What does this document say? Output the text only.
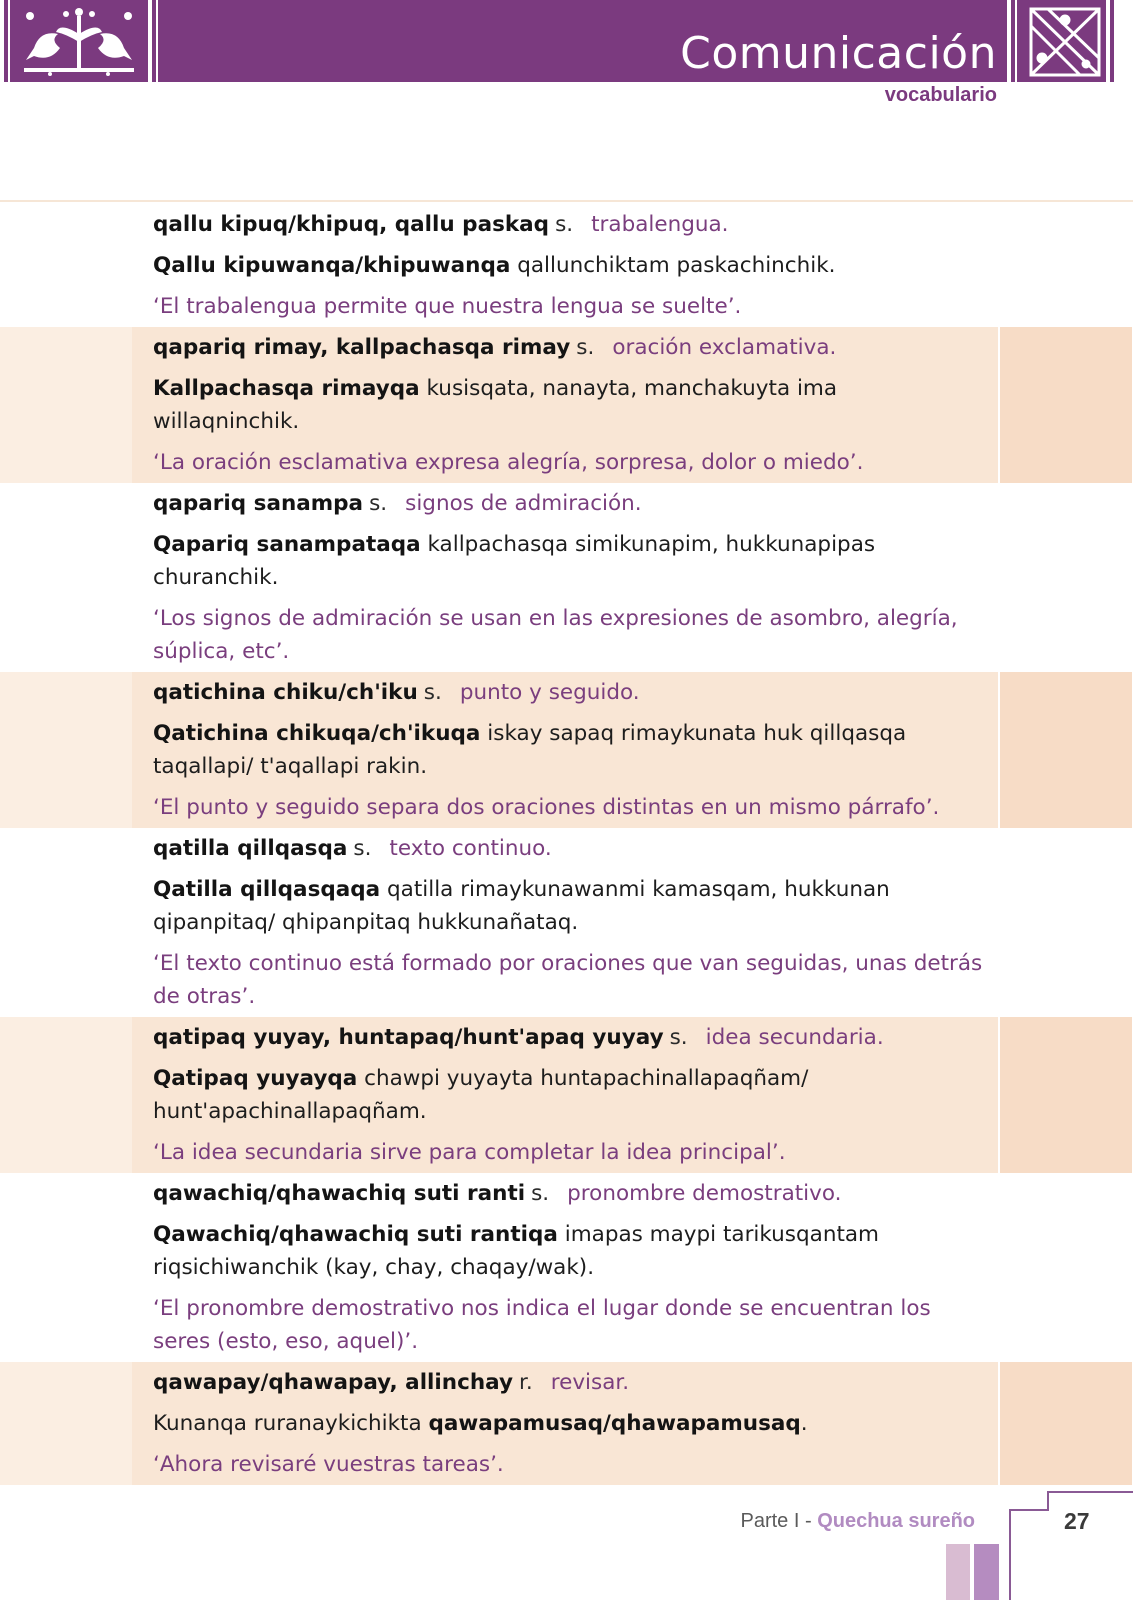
Comunicación
vocabulario

qallu kipuq/khipuq, qallu paskaq s. trabalengua.

Qallu kipuwanqa/khipuwanqa qallunchiktam paskachinchik.

‘El trabalengua permite que nuestra lengua se suelte’.

qapariq rimay, kallpachasqa rimay s. oración exclamativa.

Kallpachasqa rimayqa kusisqata, nanayta, manchakuyta ima willaqninchik.

‘La oración esclamativa expresa alegría, sorpresa, dolor o miedo’.

qapariq sanampa s. signos de admiración.

Qapariq sanampataqa kallpachasqa simikunapim, hukkunapipas churanchik.

‘Los signos de admiración se usan en las expresiones de asombro, alegría, súplica, etc’.

qatichina chiku/ch'iku s. punto y seguido.

Qatichina chikuqa/ch'ikuqa iskay sapaq rimaykunata huk qillqasqa taqallapi/ t'aqallapi rakin.

‘El punto y seguido separa dos oraciones distintas en un mismo párrafo’.

qatilla qillqasqa s. texto continuo.

Qatilla qillqasqaqa qatilla rimaykunawanmi kamasqam, hukkunan qipanpitaq/ qhipanpitaq hukkunañataq.

‘El texto continuo está formado por oraciones que van seguidas, unas detrás de otras’.

qatipaq yuyay, huntapaq/hunt'apaq yuyay s. idea secundaria.

Qatipaq yuyayqa chawpi yuyayta huntapachinallapaqñam/ hunt'apachinallapaqñam.

‘La idea secundaria sirve para completar la idea principal’.

qawachiq/qhawachiq suti ranti s. pronombre demostrativo.

Qawachiq/qhawachiq suti rantiqa imapas maypi tarikusqantam riqsichiwanchik (kay, chay, chaqay/wak).

‘El pronombre demostrativo nos indica el lugar donde se encuentran los seres (esto, eso, aquel)’.

qawapay/qhawapay, allinchay r. revisar.

Kunanqa ruranaykichikta qawapamusaq/qhawapamusaq.

‘Ahora revisaré vuestras tareas’.

Parte I - Quechua sureño	27
